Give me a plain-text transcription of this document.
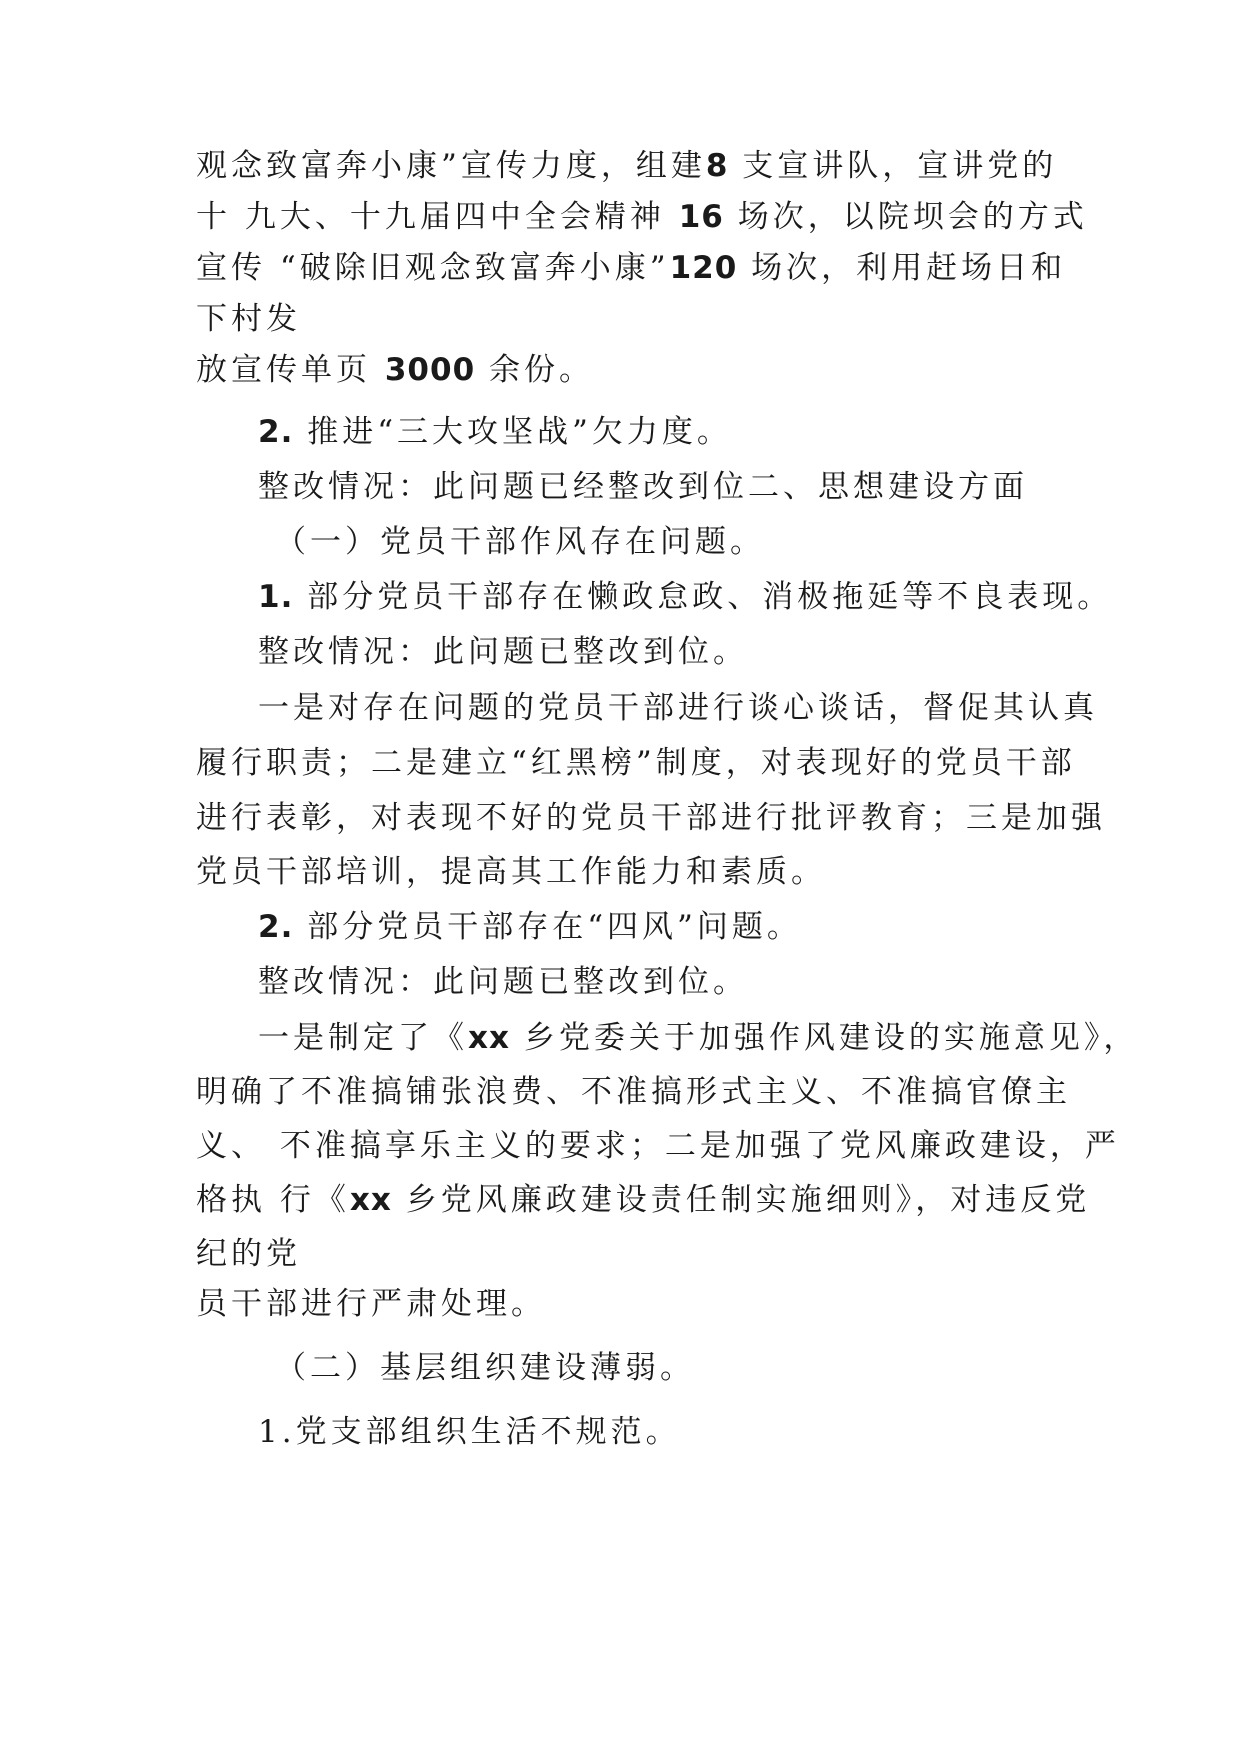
观念致富奔小康”宣传力度，组建8 支宣讲队，宣讲党的
十 九大、十九届四中全会精神 16 场次，以院坝会的方式
宣传 “破除旧观念致富奔小康”120 场次，利用赶场日和
下村发
放宣传单页 3000 余份。
2. 推进“三大攻坚战”欠力度。
整改情况：此问题已经整改到位二、思想建设方面
（一）党员干部作风存在问题。
1. 部分党员干部存在懒政怠政、消极拖延等不良表现。
整改情况：此问题已整改到位。
一是对存在问题的党员干部进行谈心谈话，督促其认真
履行职责；二是建立“红黑榜”制度，对表现好的党员干部
进行表彰，对表现不好的党员干部进行批评教育；三是加强
党员干部培训，提高其工作能力和素质。
2. 部分党员干部存在“四风”问题。
整改情况：此问题已整改到位。
一是制定了《xx 乡党委关于加强作风建设的实施意见》，
明确了不准搞铺张浪费、不准搞形式主义、不准搞官僚主
义、 不准搞享乐主义的要求；二是加强了党风廉政建设，严
格执 行《xx 乡党风廉政建设责任制实施细则》，对违反党
纪的党
员干部进行严肃处理。
（二）基层组织建设薄弱。
1.党支部组织生活不规范。
